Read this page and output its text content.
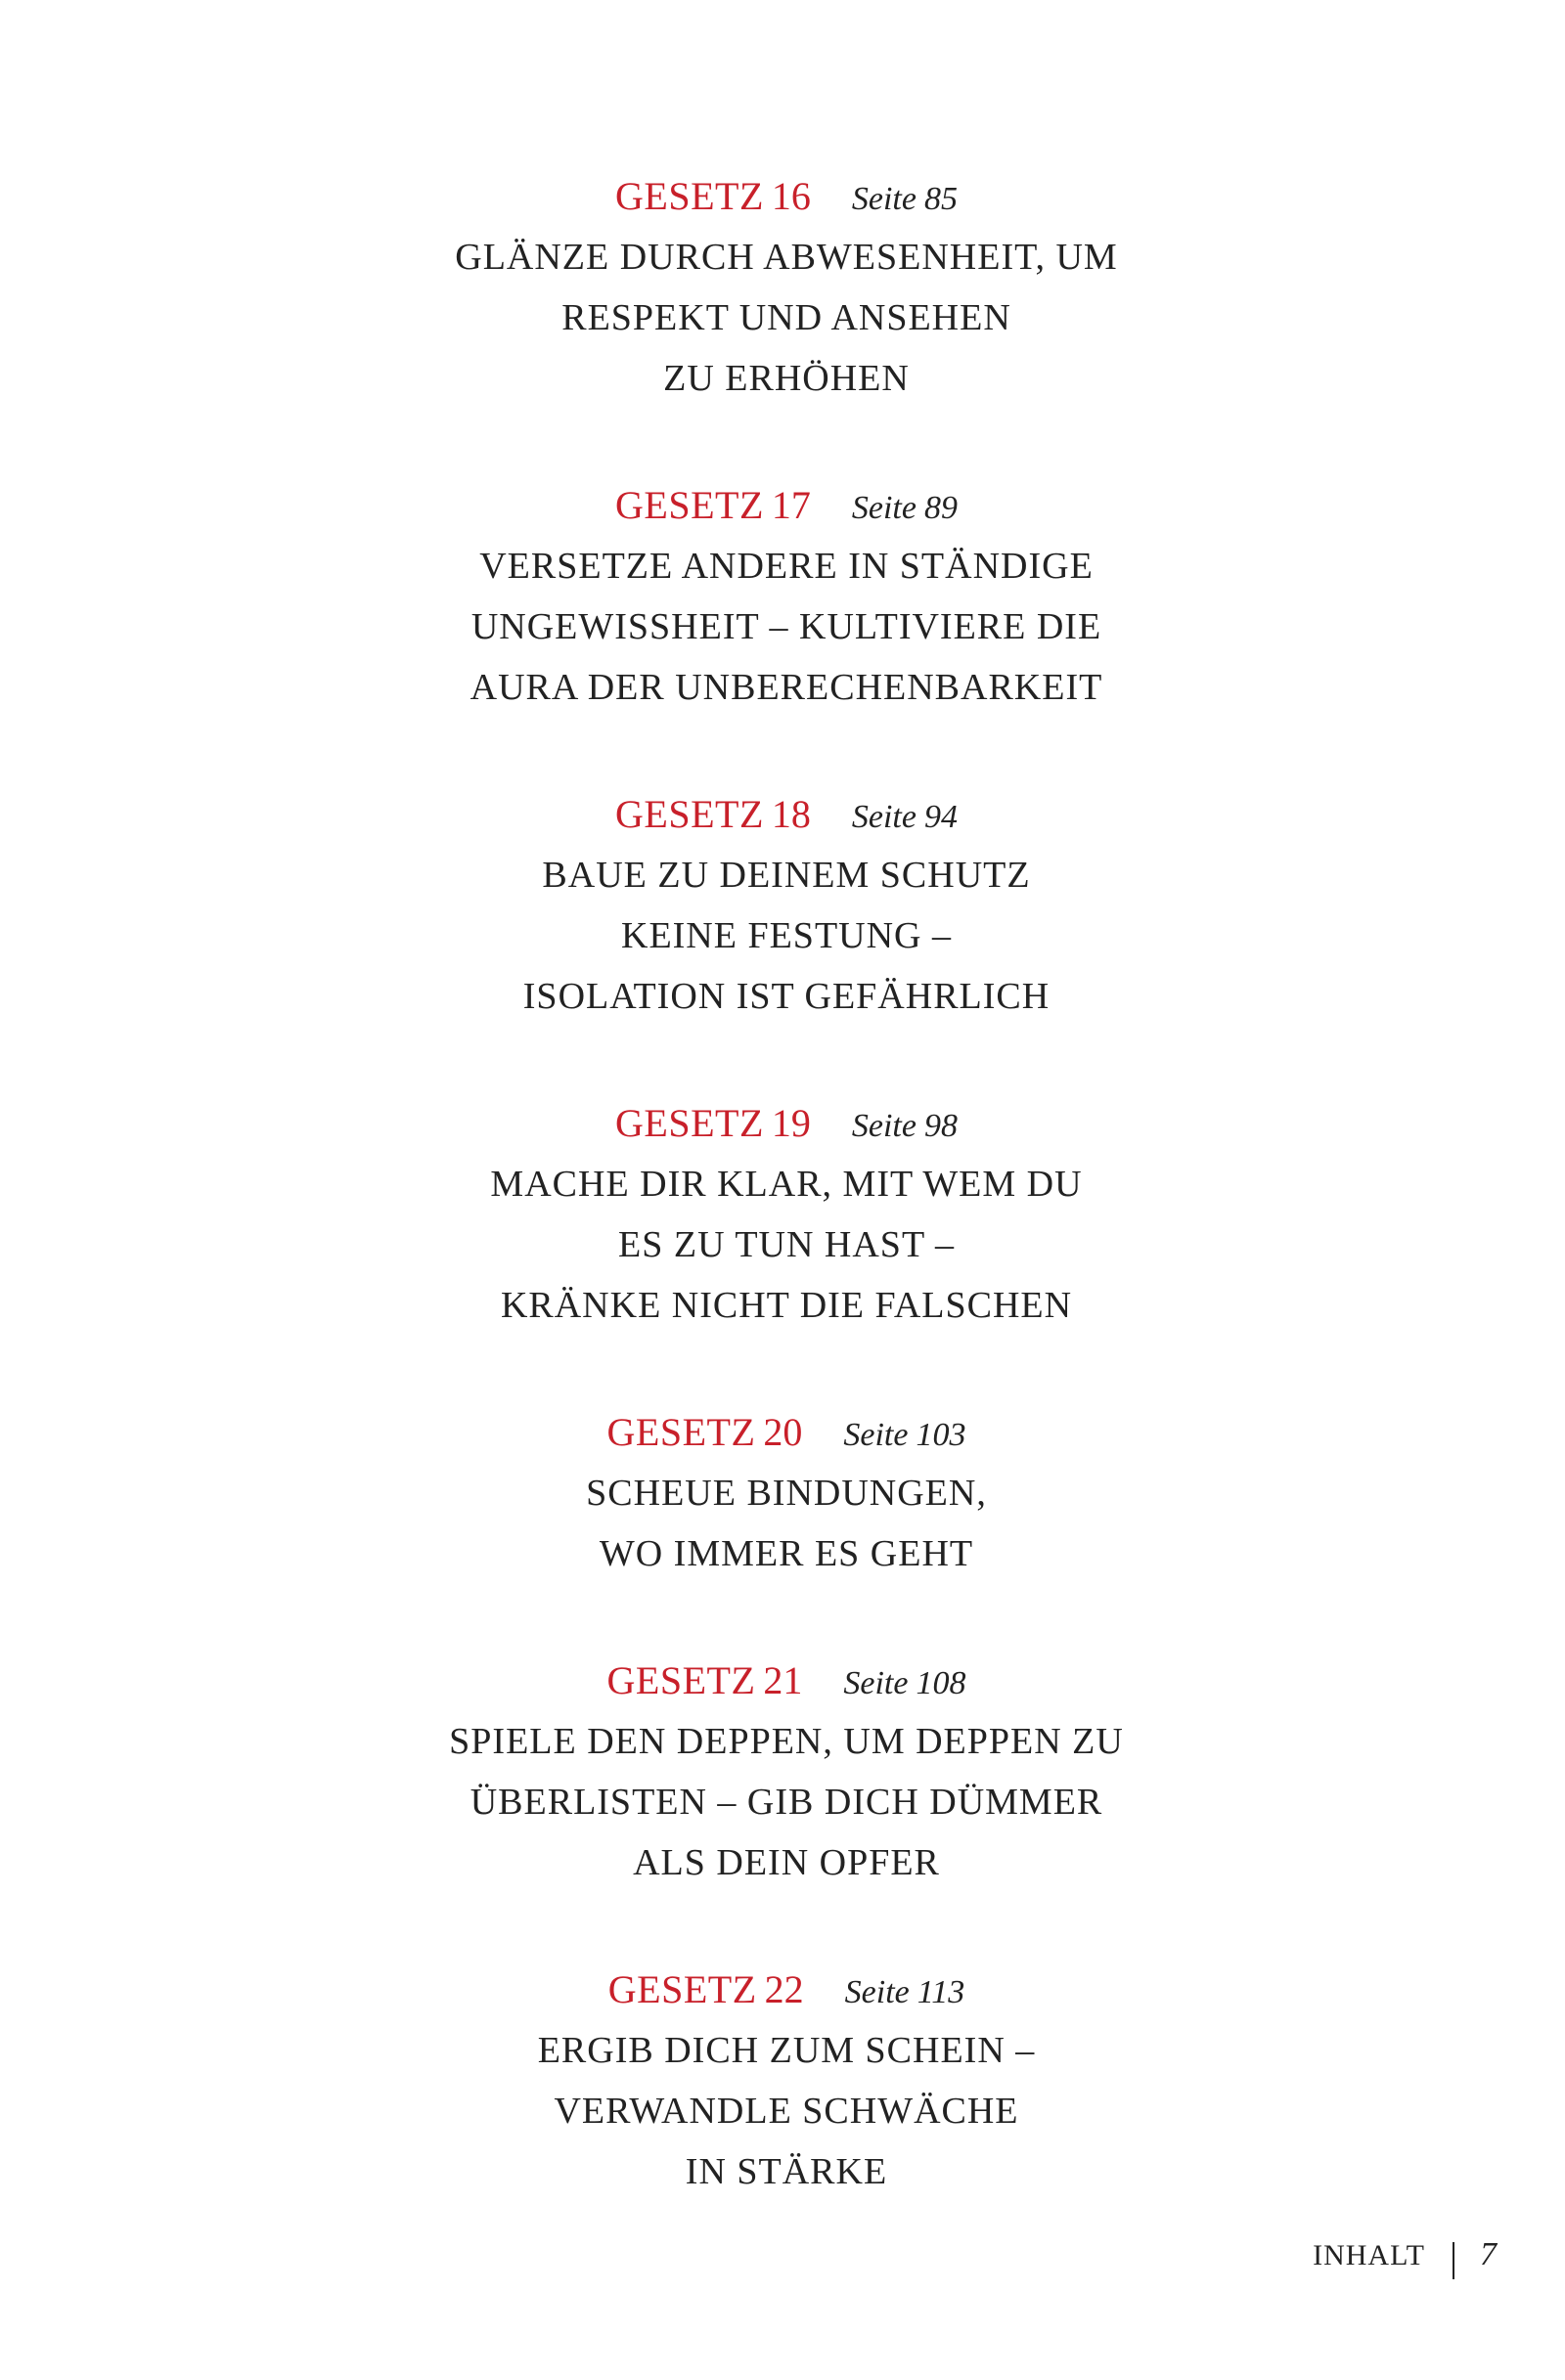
GESETZ 16 Seite 85
GLÄNZE DURCH ABWESENHEIT, UM
RESPEKT UND ANSEHEN
ZU ERHÖHEN
GESETZ 17 Seite 89
VERSETZE ANDERE IN STÄNDIGE
UNGEWISSHEIT – KULTIVIERE DIE
AURA DER UNBERECHENBARKEIT
GESETZ 18 Seite 94
BAUE ZU DEINEM SCHUTZ
KEINE FESTUNG –
ISOLATION IST GEFÄHRLICH
GESETZ 19 Seite 98
MACHE DIR KLAR, MIT WEM DU
ES ZU TUN HAST –
KRÄNKE NICHT DIE FALSCHEN
GESETZ 20 Seite 103
SCHEUE BINDUNGEN,
WO IMMER ES GEHT
GESETZ 21 Seite 108
SPIELE DEN DEPPEN, UM DEPPEN ZU
ÜBERLISTEN – GIB DICH DÜMMER
ALS DEIN OPFER
GESETZ 22 Seite 113
ERGIB DICH ZUM SCHEIN –
VERWANDLE SCHWÄCHE
IN STÄRKE
INHALT 7
